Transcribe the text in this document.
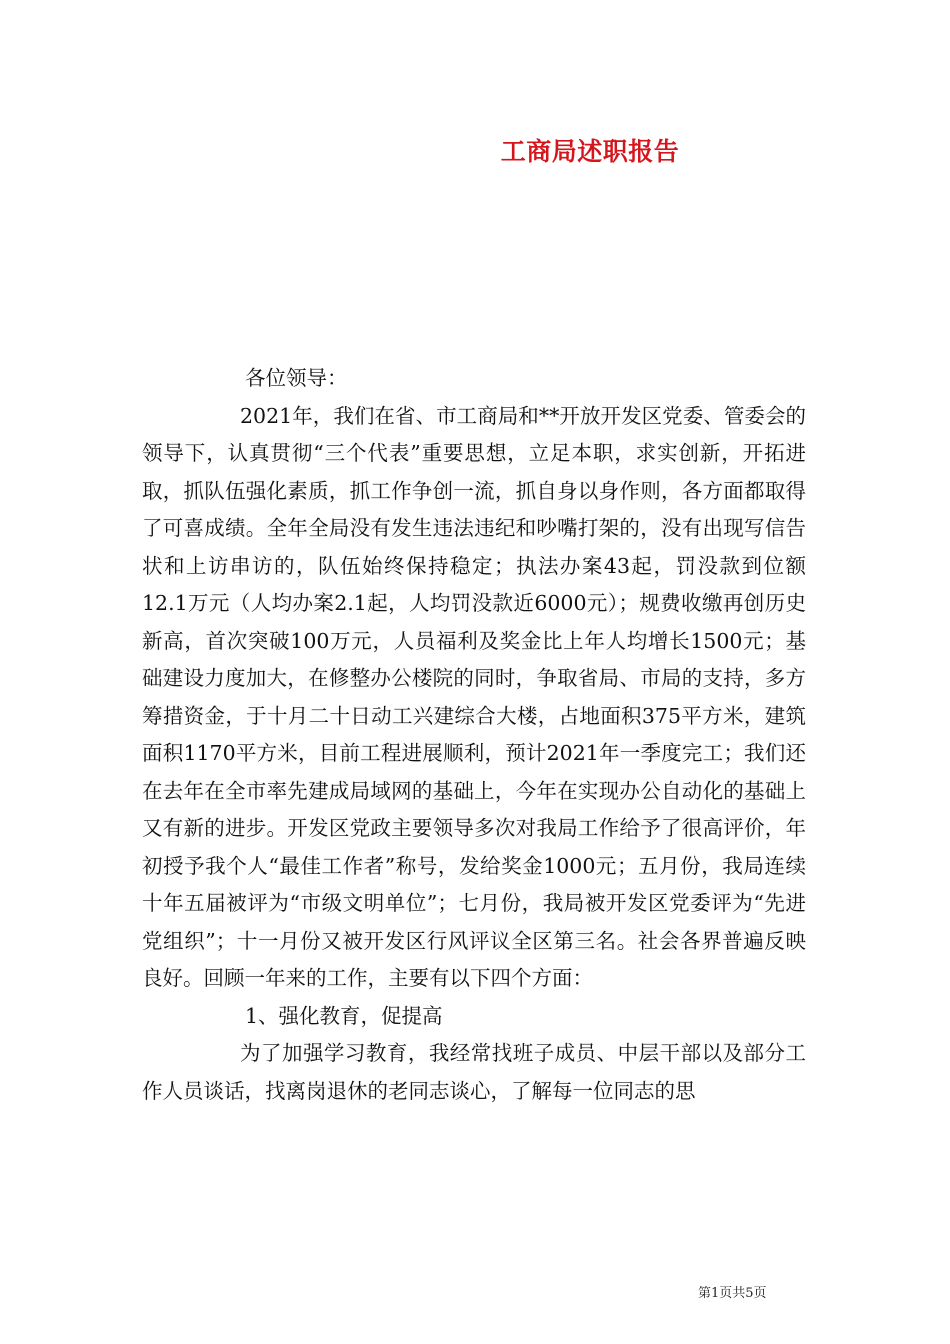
工商局述职报告

各位领导：

2021年，我们在省、市工商局和**开放开发区党委、管委会的领导下，认真贯彻“三个代表”重要思想，立足本职，求实创新，开拓进取，抓队伍强化素质，抓工作争创一流，抓自身以身作则，各方面都取得了可喜成绩。全年全局没有发生违法违纪和吵嘴打架的，没有出现写信告状和上访串访的，队伍始终保持稳定；执法办案43起，罚没款到位额12.1万元（人均办案2.1起，人均罚没款近6000元）；规费收缴再创历史新高，首次突破100万元，人员福利及奖金比上年人均增长1500元；基础建设力度加大，在修整办公楼院的同时，争取省局、市局的支持，多方筹措资金，于十月二十日动工兴建综合大楼，占地面积375平方米，建筑面积1170平方米，目前工程进展顺利，预计2021年一季度完工；我们还在去年在全市率先建成局域网的基础上，今年在实现办公自动化的基础上又有新的进步。开发区党政主要领导多次对我局工作给予了很高评价，年初授予我个人“最佳工作者”称号，发给奖金1000元；五月份，我局连续十年五届被评为“市级文明单位”；七月份，我局被开发区党委评为“先进党组织”；十一月份又被开发区行风评议全区第三名。社会各界普遍反映良好。回顾一年来的工作，主要有以下四个方面：

1、强化教育，促提高

为了加强学习教育，我经常找班子成员、中层干部以及部分工作人员谈话，找离岗退休的老同志谈心，了解每一位同志的思

第1页共5页
